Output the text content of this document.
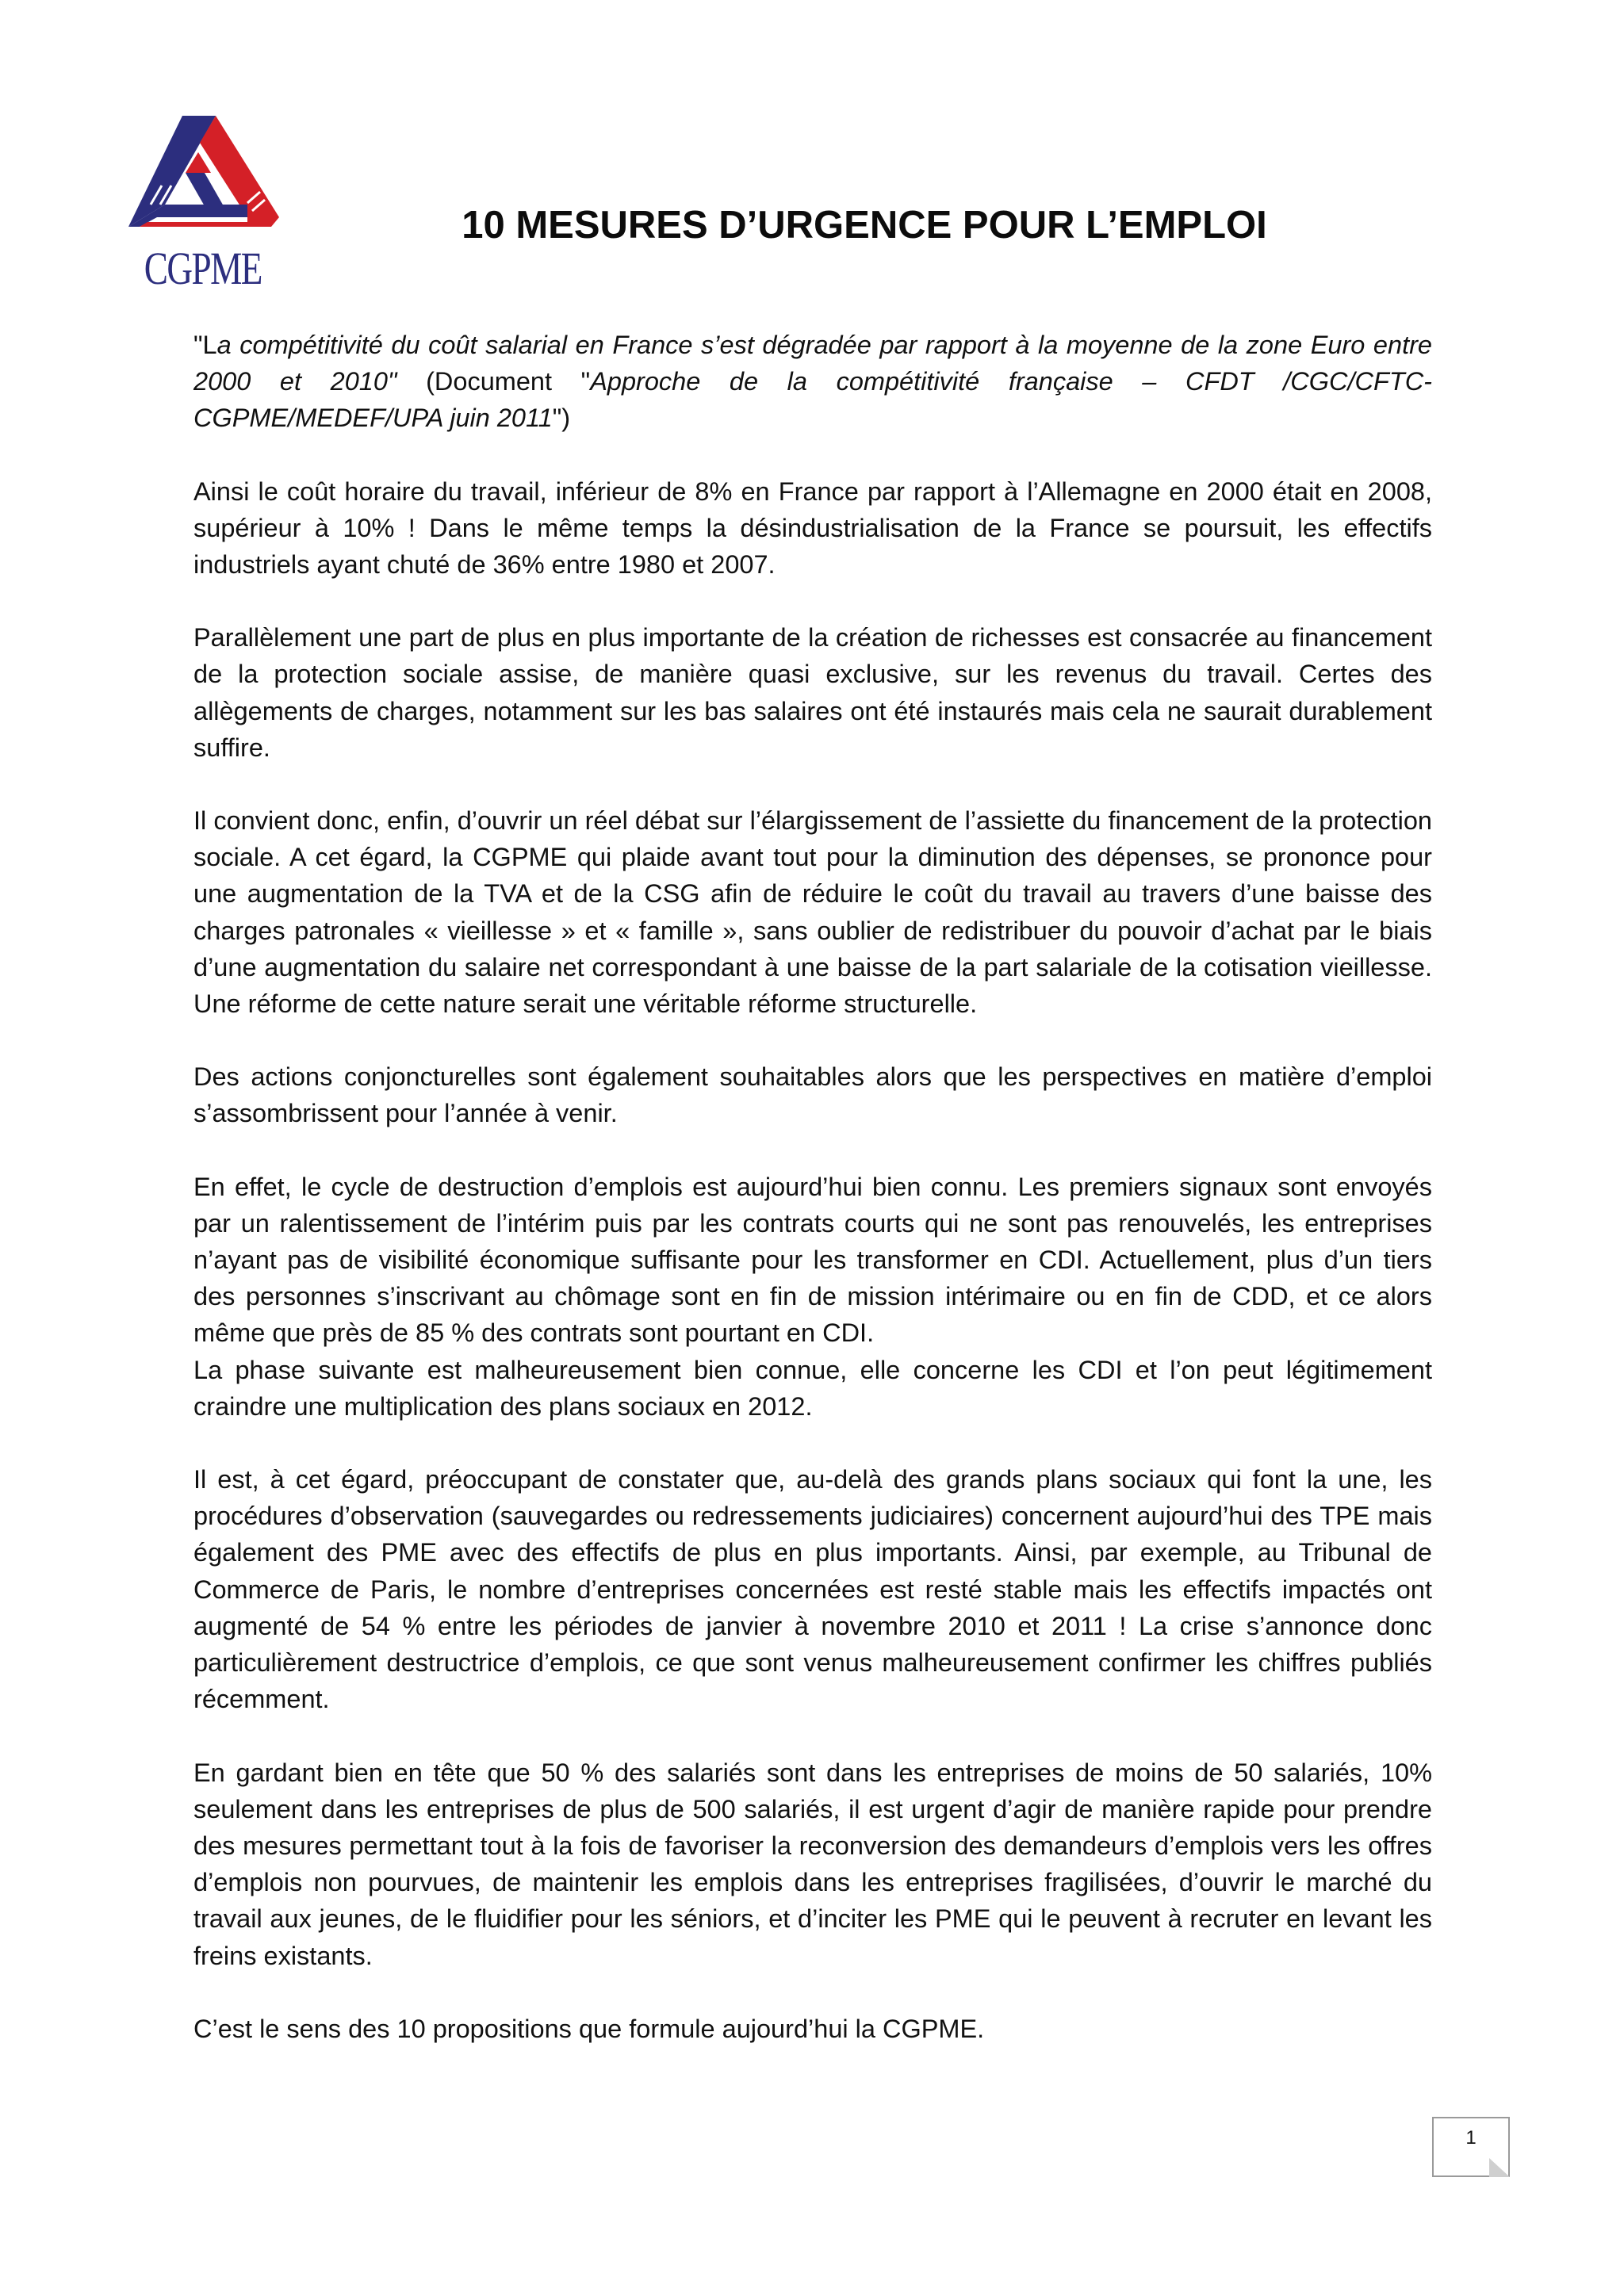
CGPME
10 MESURES D’URGENCE POUR L’EMPLOI

"La compétitivité du coût salarial en France s’est dégradée par rapport à la moyenne de la zone Euro entre 2000 et 2010" (Document "Approche de la compétitivité française – CFDT /CGC/CFTC-CGPME/MEDEF/UPA juin 2011")

Ainsi le coût horaire du travail, inférieur de 8% en France par rapport à l’Allemagne en 2000 était en 2008, supérieur à 10% ! Dans le même temps la désindustrialisation de la France se poursuit, les effectifs industriels ayant chuté de 36% entre 1980 et 2007.

Parallèlement une part de plus en plus importante de la création de richesses est consacrée au financement de la protection sociale assise, de manière quasi exclusive, sur les revenus du travail. Certes des allègements de charges, notamment sur les bas salaires ont été instaurés mais cela ne saurait durablement suffire.

Il convient donc, enfin, d’ouvrir un réel débat sur l’élargissement de l’assiette du financement de la protection sociale. A cet égard, la CGPME qui plaide avant tout pour la diminution des dépenses, se prononce pour une augmentation de la TVA et de la CSG afin de réduire le coût du travail au travers d’une baisse des charges patronales « vieillesse » et « famille », sans oublier de redistribuer du pouvoir d’achat par le biais d’une augmentation du salaire net correspondant à une baisse de la part salariale de la cotisation vieillesse. Une réforme de cette nature serait une véritable réforme structurelle.

Des actions conjoncturelles sont également souhaitables alors que les perspectives en matière d’emploi s’assombrissent pour l’année à venir.

En effet, le cycle de destruction d’emplois est aujourd’hui bien connu. Les premiers signaux sont envoyés par un ralentissement de l’intérim puis par les contrats courts qui ne sont pas renouvelés, les entreprises n’ayant pas de visibilité économique suffisante pour les transformer en CDI. Actuellement, plus d’un tiers des personnes s’inscrivant au chômage sont en fin de mission intérimaire ou en fin de CDD, et ce alors même que près de 85 % des contrats sont pourtant en CDI.

La phase suivante est malheureusement bien connue, elle concerne les CDI et l’on peut légitimement craindre une multiplication des plans sociaux en 2012.

Il est, à cet égard, préoccupant de constater que, au-delà des grands plans sociaux qui font la une, les procédures d’observation (sauvegardes ou redressements judiciaires) concernent aujourd’hui des TPE mais également des PME avec des effectifs de plus en plus importants. Ainsi, par exemple, au Tribunal de Commerce de Paris, le nombre d’entreprises concernées est resté stable mais les effectifs impactés ont augmenté de 54 % entre les périodes de janvier à novembre 2010 et 2011 ! La crise s’annonce donc particulièrement destructrice d’emplois, ce que sont venus malheureusement confirmer les chiffres publiés récemment.

En gardant bien en tête que 50 % des salariés sont dans les entreprises de moins de 50 salariés, 10% seulement dans les entreprises de plus de 500 salariés, il est urgent d’agir de manière rapide pour prendre des mesures permettant tout à la fois de favoriser la reconversion des demandeurs d’emplois vers les offres d’emplois non pourvues, de maintenir les emplois dans les entreprises fragilisées, d’ouvrir le marché du travail aux jeunes, de le fluidifier pour les séniors, et d’inciter les PME qui le peuvent à recruter en levant les freins existants.

C’est le sens des 10 propositions que formule aujourd’hui la CGPME.

1
